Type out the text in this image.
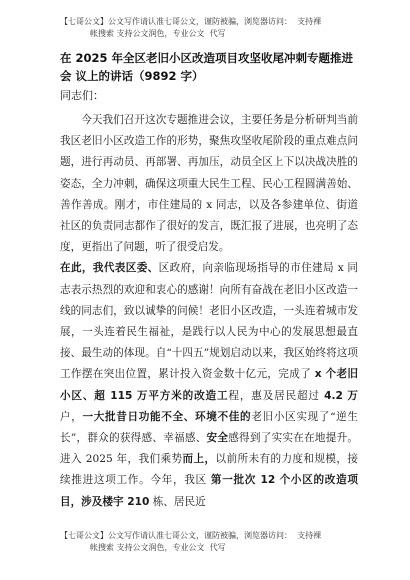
【七哥公文】公文写作请认准七哥公文，谨防被骗，浏览器访问：  支持裸
帐搜索 支持公文润色，专业公文  代写
在 2025 年全区老旧小区改造项目攻坚收尾冲刺专题推进会 议上的讲话（9892 字）
同志们：

今天我们召开这次专题推进会议，主要任务是分析研判当前我区老旧小区改造工作的形势，聚焦攻坚收尾阶段的重点难点问题，进行再动员、再部署、再加压，动员全区上下以决战决胜的姿态，全力冲刺，确保这项重大民生工程、民心工程圆满善始、善作善成。刚才，市住建局的 x 同志，以及各参建单位、街道社区的负责同志都作了很好的发言，既汇报了进展，也亮明了态度，更指出了问题，听了很受启发。

在此，我代表区委、区政府，向亲临现场指导的市住建局 x 同志表示热烈的欢迎和衷心的感谢！向所有奋战在老旧小区改造一线的同志们，致以诚挚的问候！老旧小区改造，一头连着城市发展，一头连着民生福祉，是践行以人民为中心的发展思想最直接、最生动的体现。自“十四五”规划启动以来，我区始终将这项工作摆在突出位置，累计投入资金数十亿元，完成了 x 个老旧小区、超 115 万平方米的改造工程，惠及居民超过 4.2 万户，一大批昔日功能不全、环境不佳的老旧小区实现了“逆生长”，群众的获得感、幸福感、安全感得到了实实在在地提升。进入 2025 年，我们乘势而上，以前所未有的力度和规模，接续推进这项工作。今年，我区 第一批次 12 个小区的改造项目，涉及楼宇 210 栋、居民近

【七哥公文】公文写作请认准七哥公文，谨防被骗，浏览器访问：  支持裸
帐搜索 支持公文润色，专业公文  代写
